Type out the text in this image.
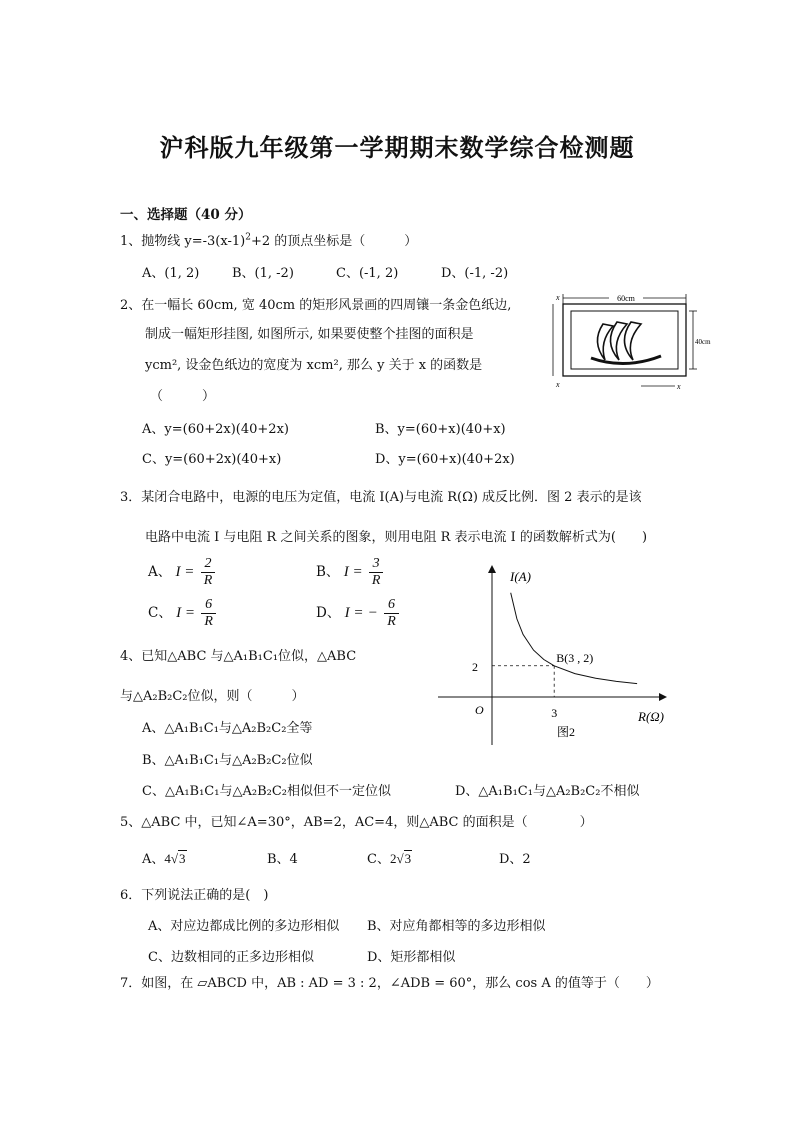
沪科版九年级第一学期期末数学综合检测题
一、选择题（40 分）
1、抛物线 $y=-3(x-1)^2+2$ 的顶点坐标是（　　　）
A、(1, 2)	B、(1, -2)	C、(-1, 2)	D、(-1, -2)
2、在一幅长 60cm, 宽 40cm 的矩形风景画的四周镶一条金色纸边,
制成一幅矩形挂图, 如图所示, 如果要使整个挂图的面积是
ycm², 设金色纸边的宽度为 xcm², 那么 y 关于 x 的函数是
（　　　）
60cm
40cm
x
x	x
A、y=(60+2x)(40+2x)	B、y=(60+x)(40+x)
C、y=(60+2x)(40+x)	D、y=(60+x)(40+2x)
3．某闭合电路中，电源的电压为定值，电流 I(A)与电流 R(Ω) 成反比例．图 2 表示的是该
电路中电流 I 与电阻 R 之间关系的图象，则用电阻 R 表示电流 I 的函数解析式为(　　)
A、 $I = \frac{2}{R}$	B、 $I = \frac{3}{R}$
C、 $I = \frac{6}{R}$	D、 I = − $\frac{6}{R}$
I(A)
R(Ω)
O	3
2
B(3 , 2)
图2
4、已知△ABC 与△A₁B₁C₁位似，△ABC
与△A₂B₂C₂位似，则（　　　）
A、△A₁B₁C₁与△A₂B₂C₂全等
B、△A₁B₁C₁与△A₂B₂C₂位似
C、△A₁B₁C₁与△A₂B₂C₂相似但不一定位似	D、△A₁B₁C₁与△A₂B₂C₂不相似
5、△ABC 中，已知∠A=30°，AB=2，AC=4，则△ABC 的面积是（　　　　）
A、4√3	B、4	C、2√3	D、2
6．下列说法正确的是(　)
A、对应边都成比例的多边形相似 B、对应角都相等的多边形相似
C、边数相同的正多边形相似	D、矩形都相似
7．如图，在 ▱ABCD 中，AB : AD = 3 : 2，∠ADB = 60°，那么 cos A 的值等于（　　）
